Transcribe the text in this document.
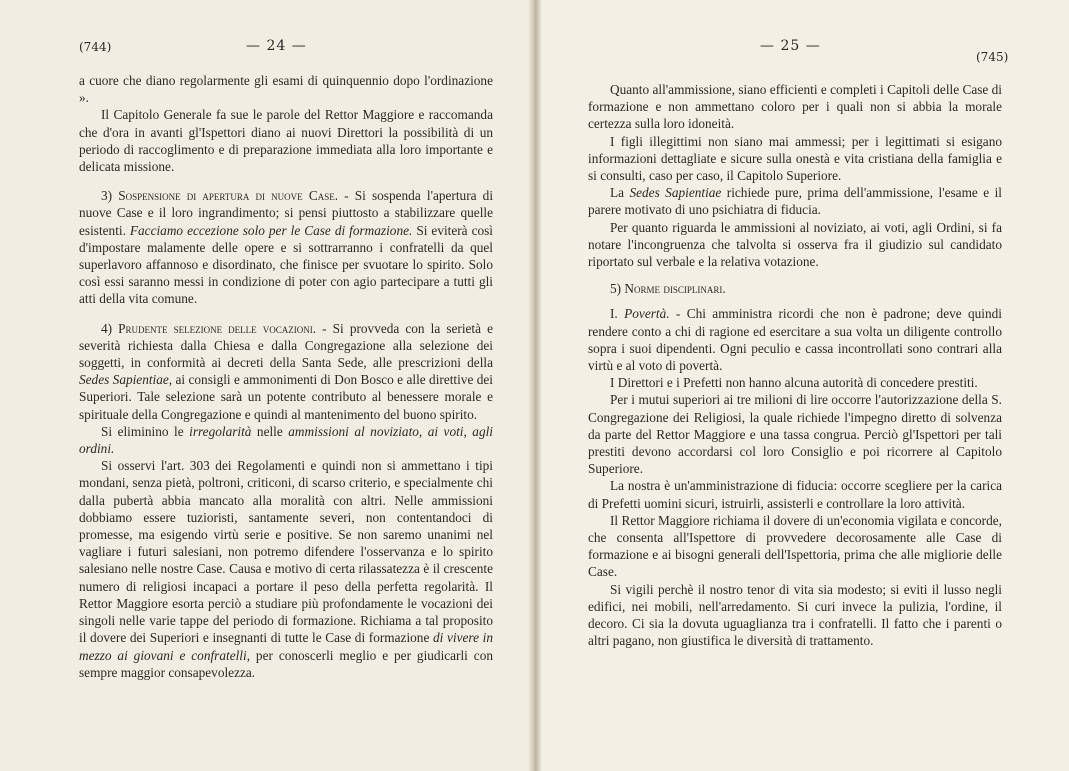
(744)	— 24 —

a cuore che diano regolarmente gli esami di quinquennio dopo l'ordinazione ».

Il Capitolo Generale fa sue le parole del Rettor Maggiore e raccomanda che d'ora in avanti gl'Ispettori diano ai nuovi Direttori la possibilità di un periodo di raccoglimento e di preparazione immediata alla loro importante e delicata missione.

3) Sospensione di apertura di nuove Case. - Si sospenda l'apertura di nuove Case e il loro ingrandimento; si pensi piuttosto a stabilizzare quelle esistenti. Facciamo eccezione solo per le Case di formazione. Si eviterà così d'impostare malamente delle opere e si sottrarranno i confratelli da quel superlavoro affannoso e disordinato, che finisce per svuotare lo spirito. Solo così essi saranno messi in condizione di poter con agio partecipare a tutti gli atti della vita comune.

4) Prudente selezione delle vocazioni. - Si provveda con la serietà e severità richiesta dalla Chiesa e dalla Congregazione alla selezione dei soggetti, in conformità ai decreti della Santa Sede, alle prescrizioni della Sedes Sapientiae, ai consigli e ammonimenti di Don Bosco e alle direttive dei Superiori. Tale selezione sarà un potente contributo al benessere morale e spirituale della Congregazione e quindi al mantenimento del buono spirito.

Si eliminino le irregolarità nelle ammissioni al noviziato, ai voti, agli ordini.

Si osservi l'art. 303 dei Regolamenti e quindi non si ammettano i tipi mondani, senza pietà, poltroni, criticoni, di scarso criterio, e specialmente chi dalla pubertà abbia mancato alla moralità con altri. Nelle ammissioni dobbiamo essere tuzioristi, santamente severi, non contentandoci di promesse, ma esigendo virtù serie e positive. Se non saremo unanimi nel vagliare i futuri salesiani, non potremo difendere l'osservanza e lo spirito salesiano nelle nostre Case. Causa e motivo di certa rilassatezza è il crescente numero di religiosi incapaci a portare il peso della perfetta regolarità. Il Rettor Maggiore esorta perciò a studiare più profondamente le vocazioni dei singoli nelle varie tappe del periodo di formazione. Richiama a tal proposito il dovere dei Superiori e insegnanti di tutte le Case di formazione di vivere in mezzo ai giovani e confratelli, per conoscerli meglio e per giudicarli con sempre maggior consapevolezza.

— 25 —
(745)

Quanto all'ammissione, siano efficienti e completi i Capitoli delle Case di formazione e non ammettano coloro per i quali non si abbia la morale certezza sulla loro idoneità.

I figli illegittimi non siano mai ammessi; per i legittimati si esigano informazioni dettagliate e sicure sulla onestà e vita cristiana della famiglia e si consulti, caso per caso, il Capitolo Superiore.

La Sedes Sapientiae richiede pure, prima dell'ammissione, l'esame e il parere motivato di uno psichiatra di fiducia.

Per quanto riguarda le ammissioni al noviziato, ai voti, agli Ordini, si fa notare l'incongruenza che talvolta si osserva fra il giudizio sul candidato riportato sul verbale e la relativa votazione.

5) Norme disciplinari.

I. Povertà. - Chi amministra ricordi che non è padrone; deve quindi rendere conto a chi di ragione ed esercitare a sua volta un diligente controllo sopra i suoi dipendenti. Ogni peculio e cassa incontrollati sono contrari alla virtù e al voto di povertà.

I Direttori e i Prefetti non hanno alcuna autorità di concedere prestiti.

Per i mutui superiori ai tre milioni di lire occorre l'autorizzazione della S. Congregazione dei Religiosi, la quale richiede l'impegno diretto di solvenza da parte del Rettor Maggiore e una tassa congrua. Perciò gl'Ispettori per tali prestiti devono accordarsi col loro Consiglio e poi ricorrere al Capitolo Superiore.

La nostra è un'amministrazione di fiducia: occorre scegliere per la carica di Prefetti uomini sicuri, istruirli, assisterli e controllare la loro attività.

Il Rettor Maggiore richiama il dovere di un'economia vigilata e concorde, che consenta all'Ispettore di provvedere decorosamente alle Case di formazione e ai bisogni generali dell'Ispettoria, prima che alle migliorie delle Case.

Si vigili perchè il nostro tenor di vita sia modesto; si eviti il lusso negli edifici, nei mobili, nell'arredamento. Si curi invece la pulizia, l'ordine, il decoro. Ci sia la dovuta uguaglianza tra i confratelli. Il fatto che i parenti o altri pagano, non giustifica le diversità di trattamento.
